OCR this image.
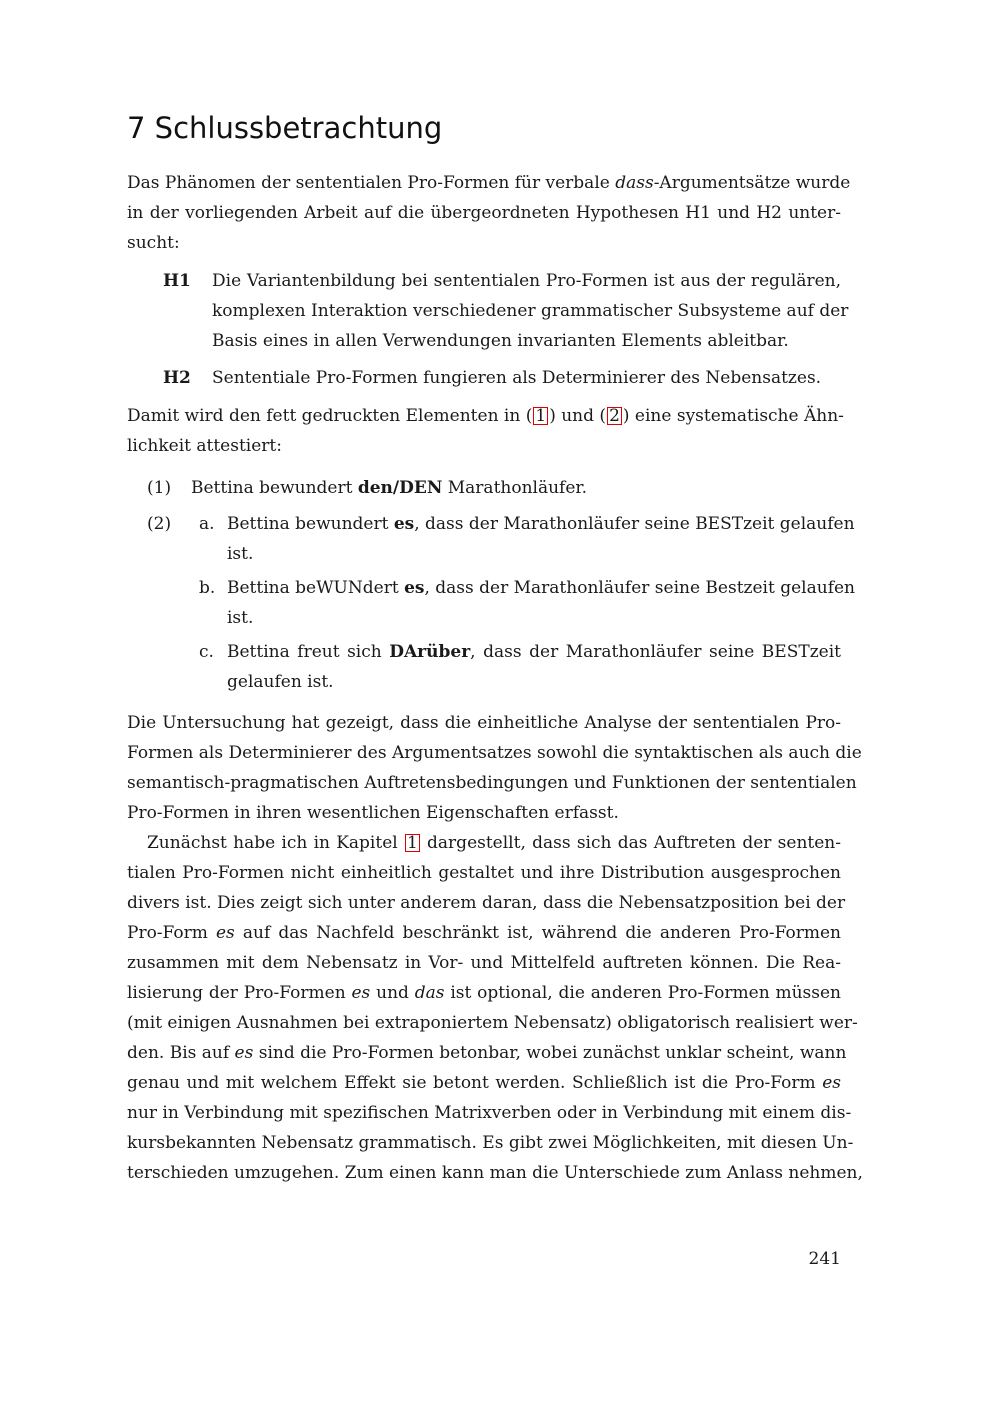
7 Schlussbetrachtung
Das Phänomen der sententialen Pro-Formen für verbale dass-Argumentsätze wurde
in der vorliegenden Arbeit auf die übergeordneten Hypothesen H1 und H2 unter-
sucht:
H1 Die Variantenbildung bei sententialen Pro-Formen ist aus der regulären,
komplexen Interaktion verschiedener grammatischer Subsysteme auf der
Basis eines in allen Verwendungen invarianten Elements ableitbar.
H2 Sententiale Pro-Formen fungieren als Determinierer des Nebensatzes.
Damit wird den fett gedruckten Elementen in ( 1 ) und ( 2 ) eine systematische Ähn-
lichkeit attestiert:
(1) Bettina bewundert den/DEN Marathonläufer.
(2) a. Bettina bewundert es, dass der Marathonläufer seine BESTzeit gelaufen
ist.
b. Bettina beWUNdert es, dass der Marathonläufer seine Bestzeit gelaufen
ist.
c. Bettina freut sich DArüber, dass der Marathonläufer seine BESTzeit
gelaufen ist.
Die Untersuchung hat gezeigt, dass die einheitliche Analyse der sententialen Pro-
Formen als Determinierer des Argumentsatzes sowohl die syntaktischen als auch die
semantisch-pragmatischen Auftretensbedingungen und Funktionen der sententialen
Pro-Formen in ihren wesentlichen Eigenschaften erfasst.
Zunächst habe ich in Kapitel 1 dargestellt, dass sich das Auftreten der senten-
tialen Pro-Formen nicht einheitlich gestaltet und ihre Distribution ausgesprochen
divers ist. Dies zeigt sich unter anderem daran, dass die Nebensatzposition bei der
Pro-Form es auf das Nachfeld beschränkt ist, während die anderen Pro-Formen
zusammen mit dem Nebensatz in Vor- und Mittelfeld auftreten können. Die Rea-
lisierung der Pro-Formen es und das ist optional, die anderen Pro-Formen müssen
(mit einigen Ausnahmen bei extraponiertem Nebensatz) obligatorisch realisiert wer-
den. Bis auf es sind die Pro-Formen betonbar, wobei zunächst unklar scheint, wann
genau und mit welchem Effekt sie betont werden. Schließlich ist die Pro-Form es
nur in Verbindung mit spezifischen Matrixverben oder in Verbindung mit einem dis-
kursbekannten Nebensatz grammatisch. Es gibt zwei Möglichkeiten, mit diesen Un-
terschieden umzugehen. Zum einen kann man die Unterschiede zum Anlass nehmen,
241
